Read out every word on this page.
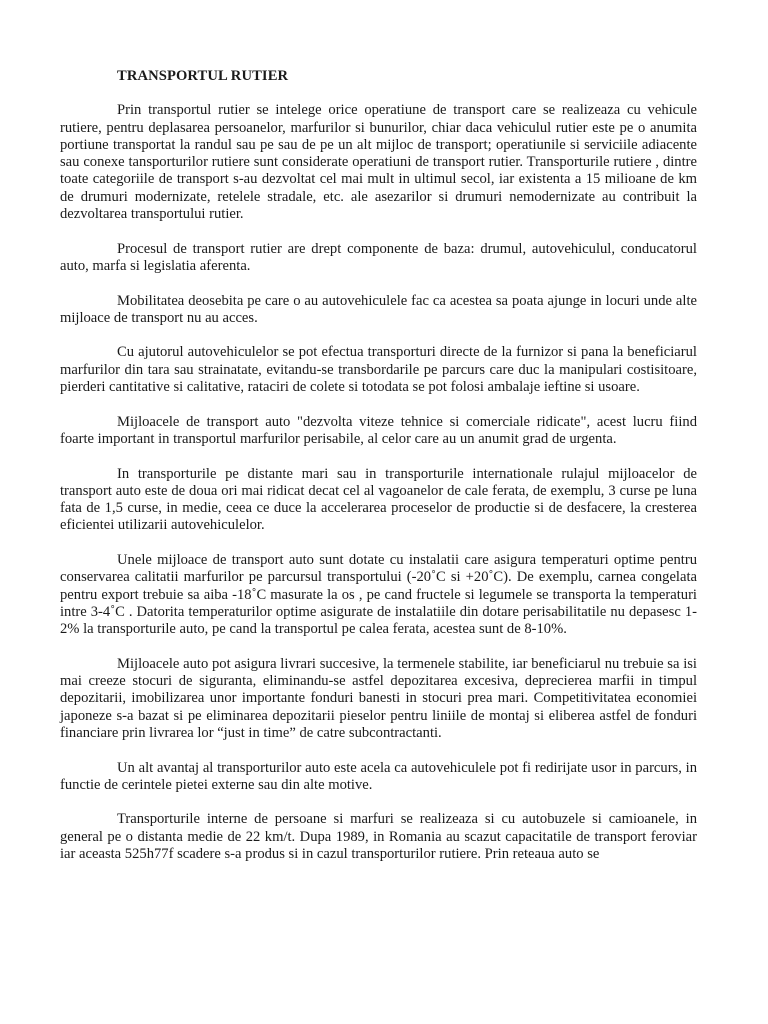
TRANSPORTUL RUTIER

Prin transportul rutier se intelege orice operatiune de transport care se realizeaza cu vehicule rutiere, pentru deplasarea persoanelor, marfurilor si bunurilor, chiar daca vehiculul rutier este pe o anumita portiune transportat la randul sau pe sau de pe un alt mijloc de transport; operatiunile si serviciile adiacente sau conexe tansporturilor rutiere sunt considerate operatiuni de transport rutier. Transporturile rutiere , dintre toate categoriile de transport s-au dezvoltat cel mai mult in ultimul secol, iar existenta a 15 milioane de km de drumuri modernizate, retelele stradale, etc. ale asezarilor si drumuri nemodernizate au contribuit la dezvoltarea transportului rutier.

Procesul de transport rutier are drept componente de baza: drumul, autovehiculul, conducatorul auto, marfa si legislatia aferenta.

Mobilitatea deosebita pe care o au autovehiculele fac ca acestea sa poata ajunge in locuri unde alte mijloace de transport nu au acces.

Cu ajutorul autovehiculelor se pot efectua transporturi directe de la furnizor si pana la beneficiarul marfurilor din tara sau strainatate, evitandu-se transbordarile pe parcurs care duc la manipulari costisitoare, pierderi cantitative si calitative, rataciri de colete si totodata se pot folosi ambalaje ieftine si usoare.

Mijloacele de transport auto "dezvolta viteze tehnice si comerciale ridicate", acest lucru fiind foarte important in transportul marfurilor perisabile, al celor care au un anumit grad de urgenta.

In transporturile pe distante mari sau in transporturile internationale rulajul mijloacelor de transport auto este de doua ori mai ridicat decat cel al vagoanelor de cale ferata, de exemplu, 3 curse pe luna fata de 1,5 curse, in medie, ceea ce duce la accelerarea proceselor de productie si de desfacere, la cresterea eficientei utilizarii autovehiculelor.

Unele mijloace de transport auto sunt dotate cu instalatii care asigura temperaturi optime pentru conservarea calitatii marfurilor pe parcursul transportului (-20˚C si +20˚C). De exemplu, carnea congelata pentru export trebuie sa aiba -18˚C masurate la os , pe cand fructele si legumele se transporta la temperaturi intre 3-4˚C . Datorita temperaturilor optime asigurate de instalatiile din dotare perisabilitatile nu depasesc 1-2% la transporturile auto, pe cand la transportul pe calea ferata, acestea sunt de 8-10%.

Mijloacele auto pot asigura livrari succesive, la termenele stabilite, iar beneficiarul nu trebuie sa isi mai creeze stocuri de siguranta, eliminandu-se astfel depozitarea excesiva, deprecierea marfii in timpul depozitarii, imobilizarea unor importante fonduri banesti in stocuri prea mari. Competitivitatea economiei japoneze s-a bazat si pe eliminarea depozitarii pieselor pentru liniile de montaj si eliberea astfel de fonduri financiare prin livrarea lor “just in time” de catre subcontractanti.

Un alt avantaj al transporturilor auto este acela ca autovehiculele pot fi redirijate usor in parcurs, in functie de cerintele pietei externe sau din alte motive.

Transporturile interne de persoane si marfuri se realizeaza si cu autobuzele si camioanele, in general pe o distanta medie de 22 km/t. Dupa 1989, in Romania au scazut capacitatile de transport feroviar iar aceasta 525h77f scadere s-a produs si in cazul transporturilor rutiere. Prin reteaua auto se
